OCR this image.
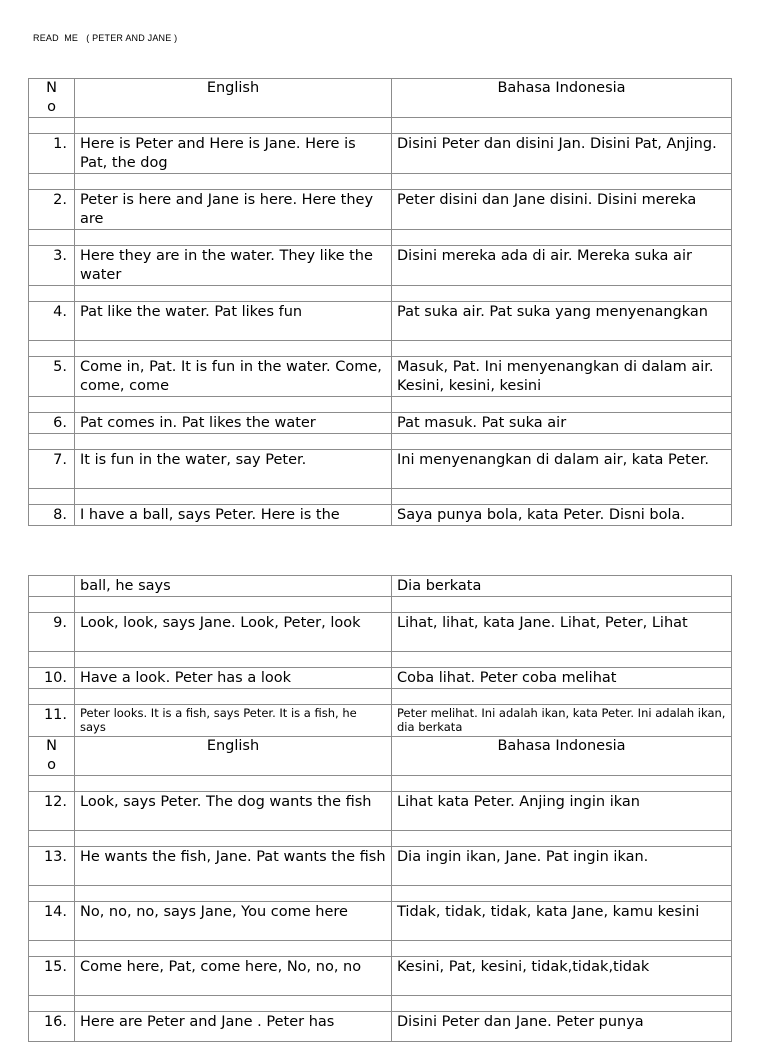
READ  ME   ( PETER AND JANE )
N
o	English	Bahasa Indonesia

1.	Here is Peter and Here is Jane. Here is Pat, the dog	Disini Peter dan disini Jan. Disini Pat, Anjing.

2.	Peter is here and Jane is here. Here they are	Peter disini dan Jane disini. Disini mereka

3.	Here they are in the water. They like the water	Disini mereka ada di air. Mereka suka air

4.	Pat like the water. Pat likes fun	Pat suka air. Pat suka yang menyenangkan

5.	Come in, Pat. It is fun in the water. Come, come, come	Masuk, Pat. Ini menyenangkan di dalam air. Kesini, kesini, kesini

6.	Pat comes in. Pat likes the water	Pat masuk. Pat suka air

7.	It is fun in the water, say Peter.	Ini menyenangkan di dalam air, kata Peter.

8.	I have a ball, says Peter. Here is the	Saya punya bola, kata Peter. Disni bola.
	ball, he says	Dia berkata

9.	Look, look, says Jane. Look, Peter, look	Lihat, lihat, kata Jane. Lihat, Peter, Lihat

10.	Have a look. Peter has a look	Coba lihat. Peter coba melihat

11.	Peter looks. It is a fish, says Peter. It is a fish, he says	Peter melihat. Ini adalah ikan, kata Peter. Ini adalah ikan, dia berkata
N
o	English	Bahasa Indonesia

12.	Look, says Peter. The dog wants the fish	Lihat kata Peter. Anjing ingin ikan

13.	He wants the fish, Jane. Pat wants the fish	Dia ingin ikan, Jane. Pat ingin ikan.

14.	No, no, no, says Jane, You come here	Tidak, tidak, tidak, kata Jane, kamu kesini

15.	Come here, Pat, come here, No, no, no	Kesini, Pat, kesini, tidak,tidak,tidak

16.	Here are Peter and Jane . Peter has	Disini Peter dan Jane. Peter punya
